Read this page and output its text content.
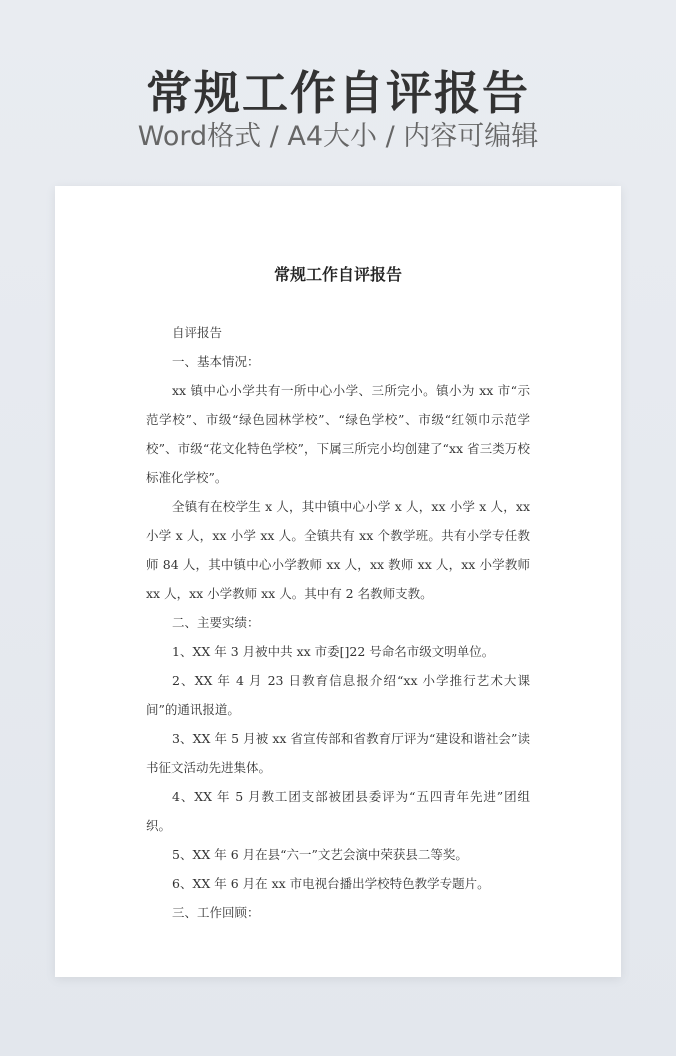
常规工作自评报告
Word格式 / A4大小 / 内容可编辑
常规工作自评报告

自评报告

一、基本情况：

xx 镇中心小学共有一所中心小学、三所完小。镇小为 xx 市“示范学校”、市级“绿色园林学校”、“绿色学校”、市级“红领巾示范学校”、市级“花文化特色学校”，下属三所完小均创建了“xx 省三类万校标准化学校”。

全镇有在校学生 x 人，其中镇中心小学 x 人，xx 小学 x 人，xx 小学 x 人，xx 小学 xx 人。全镇共有 xx 个教学班。共有小学专任教师 84 人，其中镇中心小学教师 xx 人，xx 教师 xx 人，xx 小学教师 xx 人，xx 小学教师 xx 人。其中有 2 名教师支教。

二、主要实绩：

1、XX 年 3 月被中共 xx 市委[]22 号命名市级文明单位。

2、XX 年 4 月 23 日教育信息报介绍“xx 小学推行艺术大课间”的通讯报道。

3、XX 年 5 月被 xx 省宣传部和省教育厅评为“建设和谐社会”读书征文活动先进集体。

4、XX 年 5 月教工团支部被团县委评为“五四青年先进”团组织。

5、XX 年 6 月在县“六一”文艺会演中荣获县二等奖。

6、XX 年 6 月在 xx 市电视台播出学校特色教学专题片。

三、工作回顾：
